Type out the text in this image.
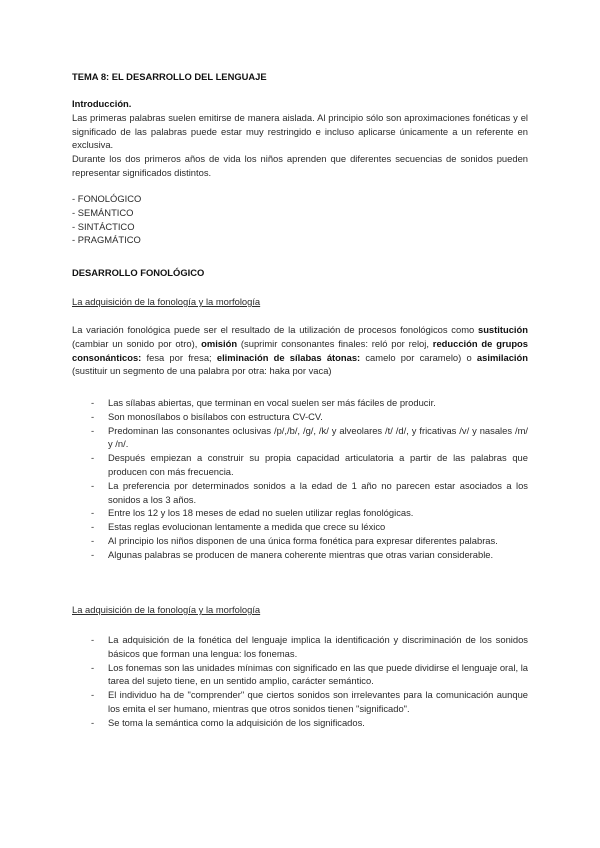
TEMA 8: EL DESARROLLO DEL LENGUAJE

Introducción.

Las primeras palabras suelen emitirse de manera aislada. Al principio sólo son aproximaciones fonéticas y el significado de las palabras puede estar muy restringido e incluso aplicarse únicamente a un referente en exclusiva.

Durante los dos primeros años de vida los niños aprenden que diferentes secuencias de sonidos pueden representar significados distintos.

- FONOLÓGICO

- SEMÁNTICO

- SINTÁCTICO

- PRAGMÁTICO

DESARROLLO FONOLÓGICO
La adquisición de la fonología y la morfología

La variación fonológica puede ser el resultado de la utilización de procesos fonológicos como sustitución (cambiar un sonido por otro), omisión (suprimir consonantes finales: reló por reloj, reducción de grupos consonánticos: fesa por fresa; eliminación de sílabas átonas: camelo por caramelo) o asimilación (sustituir un segmento de una palabra por otra: haka por vaca)

- Las sílabas abiertas, que terminan en vocal suelen ser más fáciles de producir.
- Son monosílabos o bisílabos con estructura CV-CV.
- Predominan las consonantes oclusivas /p/,/b/, /g/, /k/ y alveolares /t/ /d/, y fricativas /v/ y nasales /m/ y /n/.
- Después empiezan a construir su propia capacidad articulatoria a partir de las palabras que producen con más frecuencia.
- La preferencia por determinados sonidos a la edad de 1 año no parecen estar asociados a los sonidos a los 3 años.
- Entre los 12 y los 18 meses de edad no suelen utilizar reglas fonológicas.
- Estas reglas evolucionan lentamente a medida que crece su léxico
- Al principio los niños disponen de una única forma fonética para expresar diferentes palabras.
- Algunas palabras se producen de manera coherente mientras que otras varian considerable.
La adquisición de la fonología y la morfología
- La adquisición de la fonética del lenguaje implica la identificación y discriminación de los sonidos básicos que forman una lengua: los fonemas.
- Los fonemas son las unidades mínimas con significado en las que puede dividirse el lenguaje oral, la tarea del sujeto tiene, en un sentido amplio, carácter semántico.
- El individuo ha de "comprender" que ciertos sonidos son irrelevantes para la comunicación aunque los emita el ser humano, mientras que otros sonidos tienen "significado".
- Se toma la semántica como la adquisición de los significados.
